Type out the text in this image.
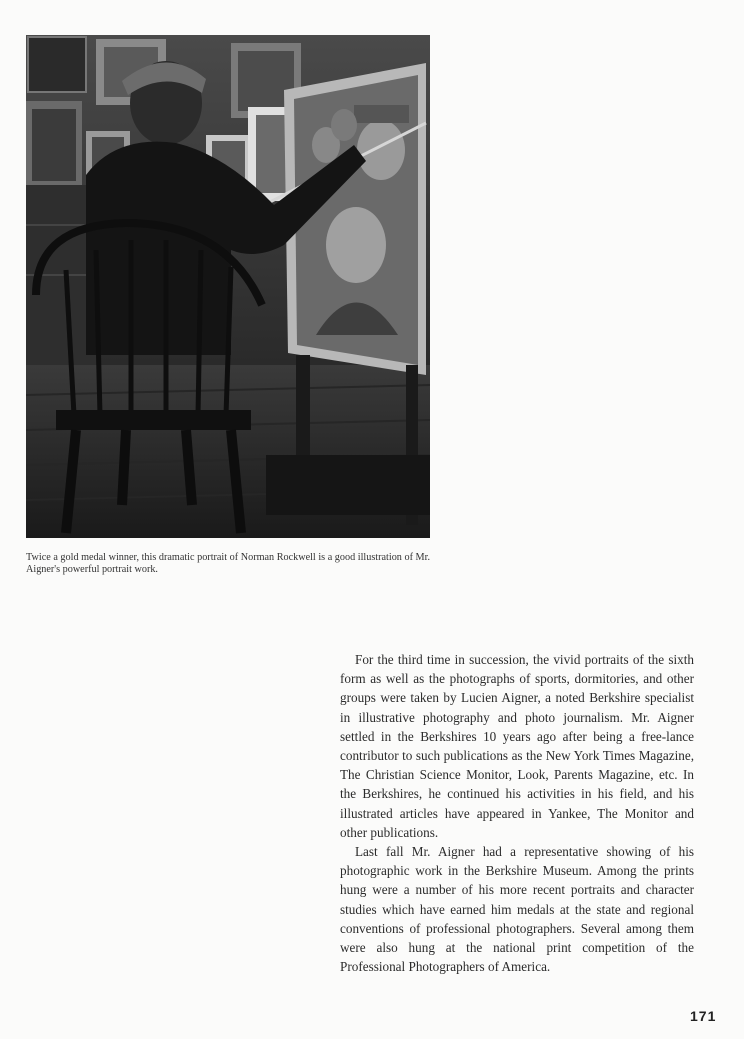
Twice a gold medal winner, this dramatic portrait of Norman Rockwell is a good illustration of Mr. Aigner's powerful portrait work.

For the third time in succession, the vivid portraits of the sixth form as well as the photographs of sports, dormitories, and other groups were taken by Lucien Aigner, a noted Berkshire specialist in illustrative photography and photo journalism. Mr. Aigner settled in the Berkshires 10 years ago after being a free-lance contributor to such publications as the New York Times Magazine, The Christian Science Monitor, Look, Parents Magazine, etc. In the Berkshires, he continued his activities in his field, and his illustrated articles have appeared in Yankee, The Monitor and other publications.

Last fall Mr. Aigner had a representative showing of his photographic work in the Berkshire Museum. Among the prints hung were a number of his more recent portraits and character studies which have earned him medals at the state and regional conventions of professional photographers. Several among them were also hung at the national print competition of the Professional Photographers of America.

171
